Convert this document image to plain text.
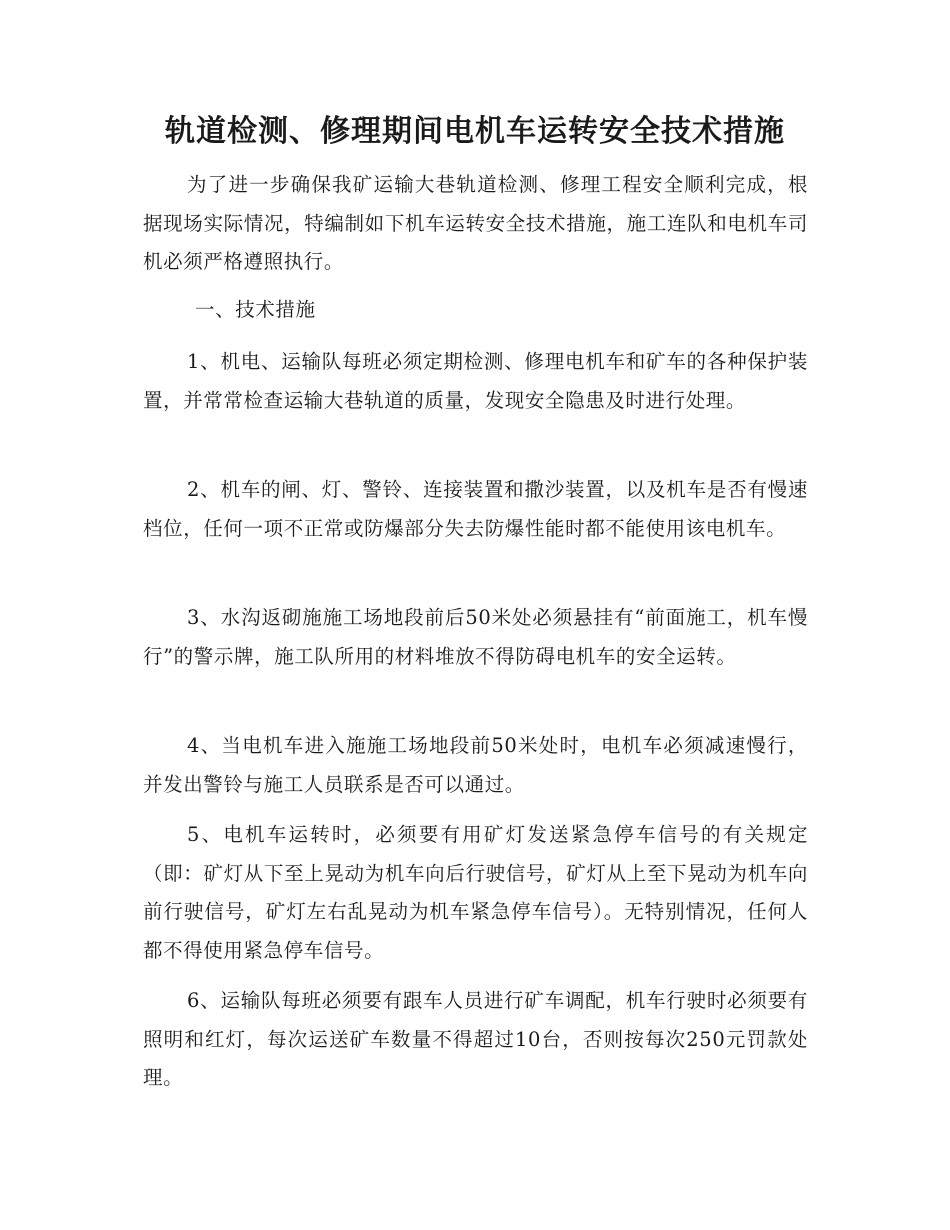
轨道检测、修理期间电机车运转安全技术措施
为了进一步确保我矿运输大巷轨道检测、修理工程安全顺利完成，根据现场实际情况，特编制如下机车运转安全技术措施，施工连队和电机车司机必须严格遵照执行。
一、技术措施
1、机电、运输队每班必须定期检测、修理电机车和矿车的各种保护装置，并常常检查运输大巷轨道的质量，发现安全隐患及时进行处理。
2、机车的闸、灯、警铃、连接装置和撒沙装置，以及机车是否有慢速档位，任何一项不正常或防爆部分失去防爆性能时都不能使用该电机车。
3、水沟返砌施施工场地段前后50米处必须悬挂有“前面施工，机车慢行”的警示牌，施工队所用的材料堆放不得防碍电机车的安全运转。
4、当电机车进入施施工场地段前50米处时，电机车必须减速慢行，并发出警铃与施工人员联系是否可以通过。
5、电机车运转时，必须要有用矿灯发送紧急停车信号的有关规定（即：矿灯从下至上晃动为机车向后行驶信号，矿灯从上至下晃动为机车向前行驶信号，矿灯左右乱晃动为机车紧急停车信号）。无特别情况，任何人都不得使用紧急停车信号。
6、运输队每班必须要有跟车人员进行矿车调配，机车行驶时必须要有照明和红灯，每次运送矿车数量不得超过10台，否则按每次250元罚款处理。
